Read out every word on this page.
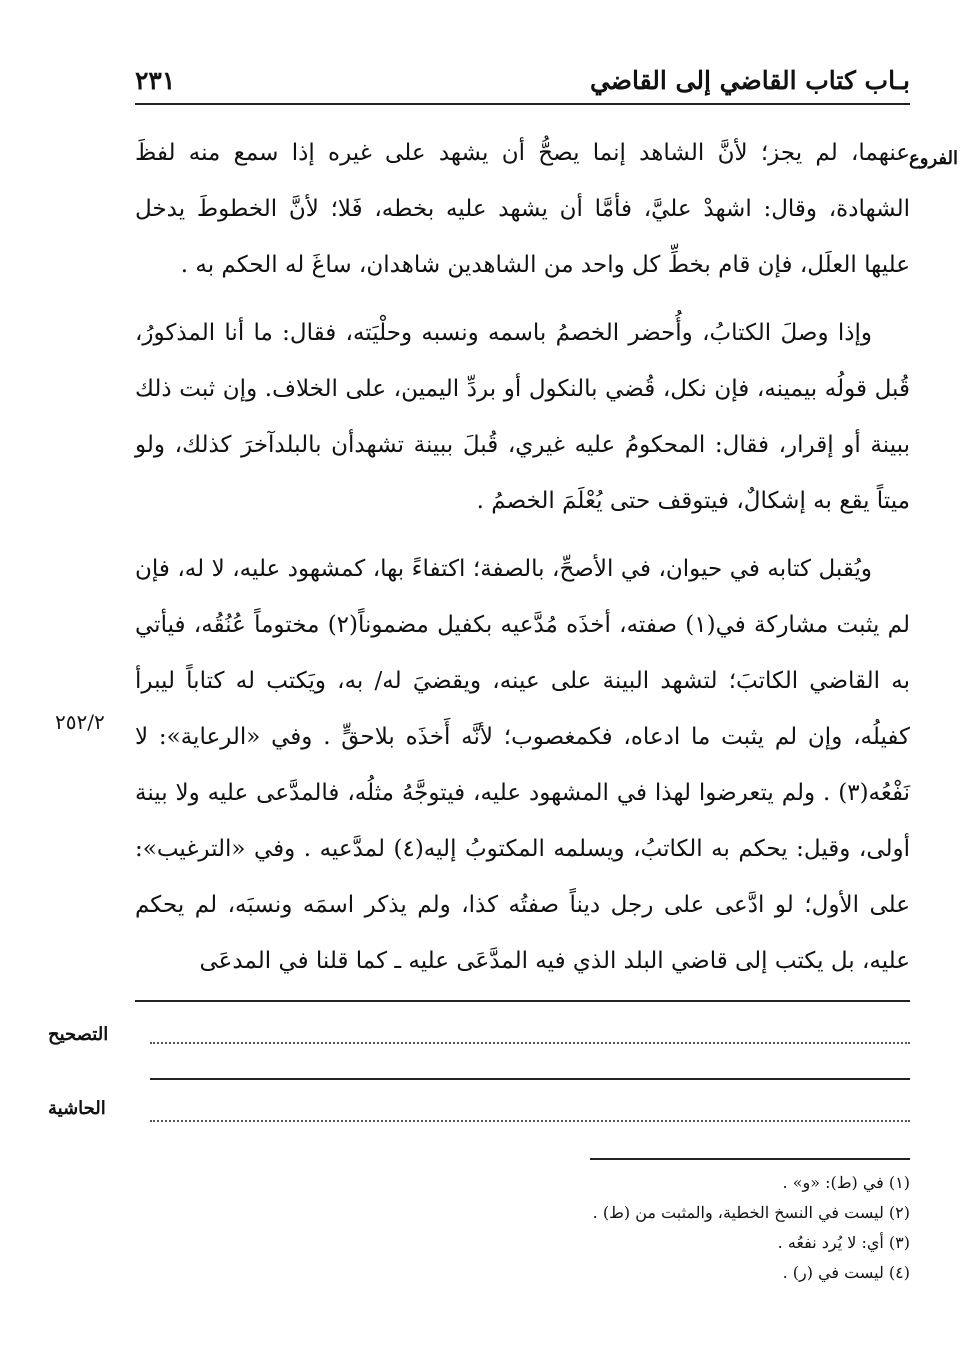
بـاب كتاب القاضي إلى القاضي
٢٣١
الفروع
٢٥٢/٢

عنهما، لم يجز؛ لأنَّ الشاهد إنما يصحُّ أن يشهد على غيره إذا سمع منه لفظَ الشهادة، وقال: اشهدْ عليَّ، فأمَّا أن يشهد عليه بخطه، فَلا؛ لأنَّ الخطوطَ يدخل عليها العلَل، فإن قام بخطِّ كل واحد من الشاهدين شاهدان، ساغَ له الحكم به .

وإذا وصلَ الكتابُ، وأُحضر الخصمُ باسمه ونسبه وحلْيَته، فقال: ما أنا المذكورُ، قُبل قولُه بيمينه، فإن نكل، قُضي بالنكول أو بردِّ اليمين، على الخلاف. وإن ثبت ذلك ببينة أو إقرار، فقال: المحكومُ عليه غيري، قُبلَ ببينة تشهدأن بالبلدآخرَ كذلك، ولو ميتاً يقع به إشكالٌ، فيتوقف حتى يُعْلَمَ الخصمُ .

ويُقبل كتابه في حيوان، في الأصحِّ، بالصفة؛ اكتفاءً بها، كمشهود عليه، لا له، فإن لم يثبت مشاركة في(١) صفته، أخذَه مُدَّعيه بكفيل مضموناً(٢) مختوماً عُنُقُه، فيأتي به القاضي الكاتبَ؛ لتشهد البينة على عينه، ويقضيَ له/ به، ويَكتب له كتاباً ليبرأ كفيلُه، وإن لم يثبت ما ادعاه، فكمغصوب؛ لأنَّه أَخذَه بلاحقٍّ . وفي «الرعاية»: لا نَفْعُه(٣) . ولم يتعرضوا لهذا في المشهود عليه، فيتوجَّهُ مثلُه، فالمدَّعى عليه ولا بينة أولى، وقيل: يحكم به الكاتبُ، ويسلمه المكتوبُ إليه(٤) لمدَّعيه . وفي «الترغيب»: على الأول؛ لو ادَّعى على رجل ديناً صفتُه كذا، ولم يذكر اسمَه ونسبَه، لم يحكم عليه، بل يكتب إلى قاضي البلد الذي فيه المدَّعَى عليه ـ كما قلنا في المدعَى

التصحيح
الحاشية
(١) في (ط): «و» .
(٢) ليست في النسخ الخطية، والمثبت من (ط) .
(٣) أي: لا يُرد نفعُه .
(٤) ليست في (ر) .
